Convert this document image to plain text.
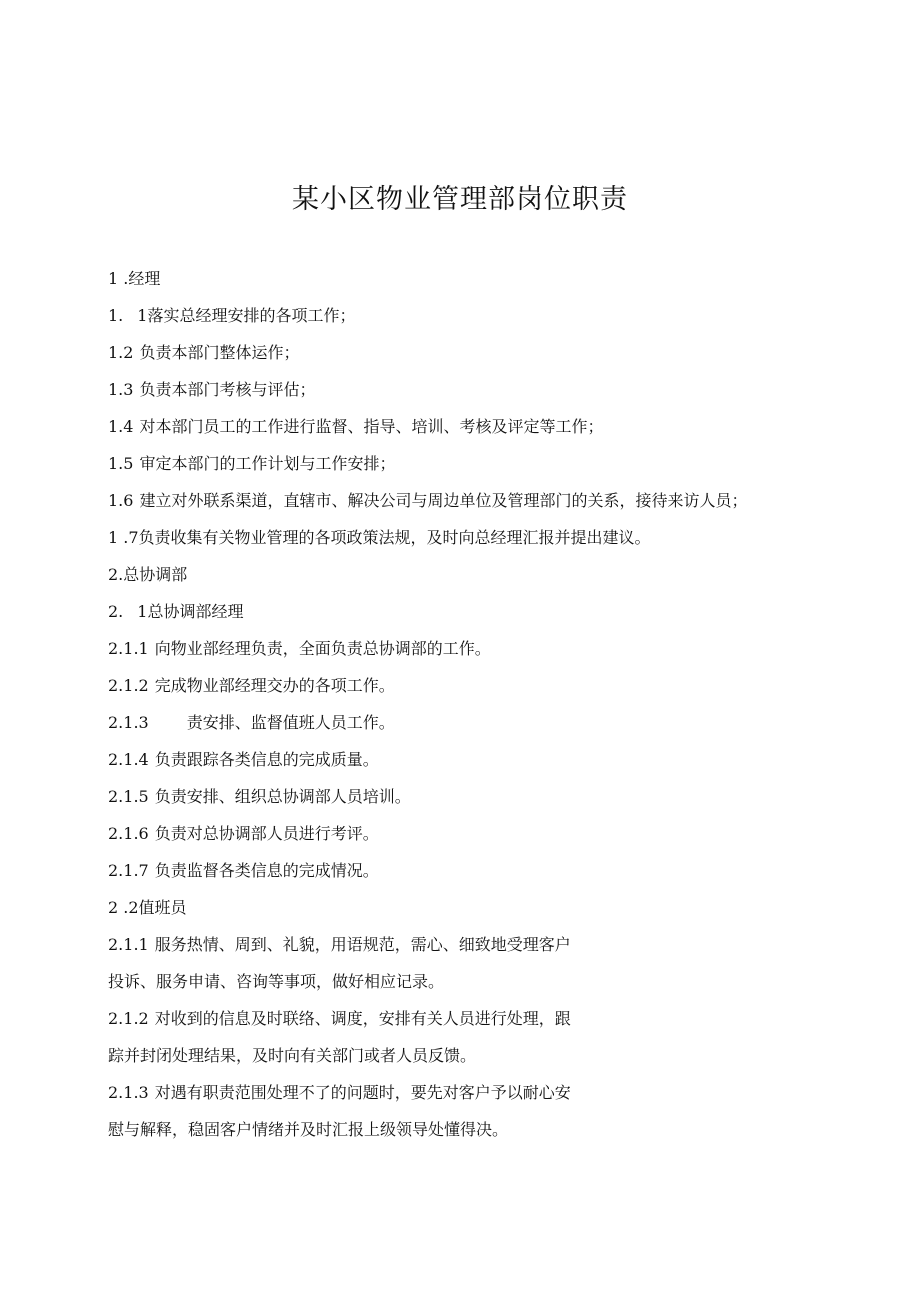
某小区物业管理部岗位职责
1 .经理
1. 1落实总经理安排的各项工作；
1.2 负责本部门整体运作；
1.3 负责本部门考核与评估；
1.4 对本部门员工的工作进行监督、指导、培训、考核及评定等工作；
1.5 审定本部门的工作计划与工作安排；
1.6 建立对外联系渠道，直辖市、解决公司与周边单位及管理部门的关系，接待来访人员；
1 .7负责收集有关物业管理的各项政策法规，及时向总经理汇报并提出建议。
2.总协调部
2. 1总协调部经理
2.1.1 向物业部经理负责，全面负责总协调部的工作。
2.1.2 完成物业部经理交办的各项工作。
2.1.3 责安排、监督值班人员工作。
2.1.4 负责跟踪各类信息的完成质量。
2.1.5 负责安排、组织总协调部人员培训。
2.1.6 负责对总协调部人员进行考评。
2.1.7 负责监督各类信息的完成情况。
2 .2值班员
2.1.1 服务热情、周到、礼貌，用语规范，需心、细致地受理客户
投诉、服务申请、咨询等事项，做好相应记录。
2.1.2 对收到的信息及时联络、调度，安排有关人员进行处理，跟
踪并封闭处理结果，及时向有关部门或者人员反馈。
2.1.3 对遇有职责范围处理不了的问题时，要先对客户予以耐心安
慰与解释，稳固客户情绪并及时汇报上级领导处懂得决。
